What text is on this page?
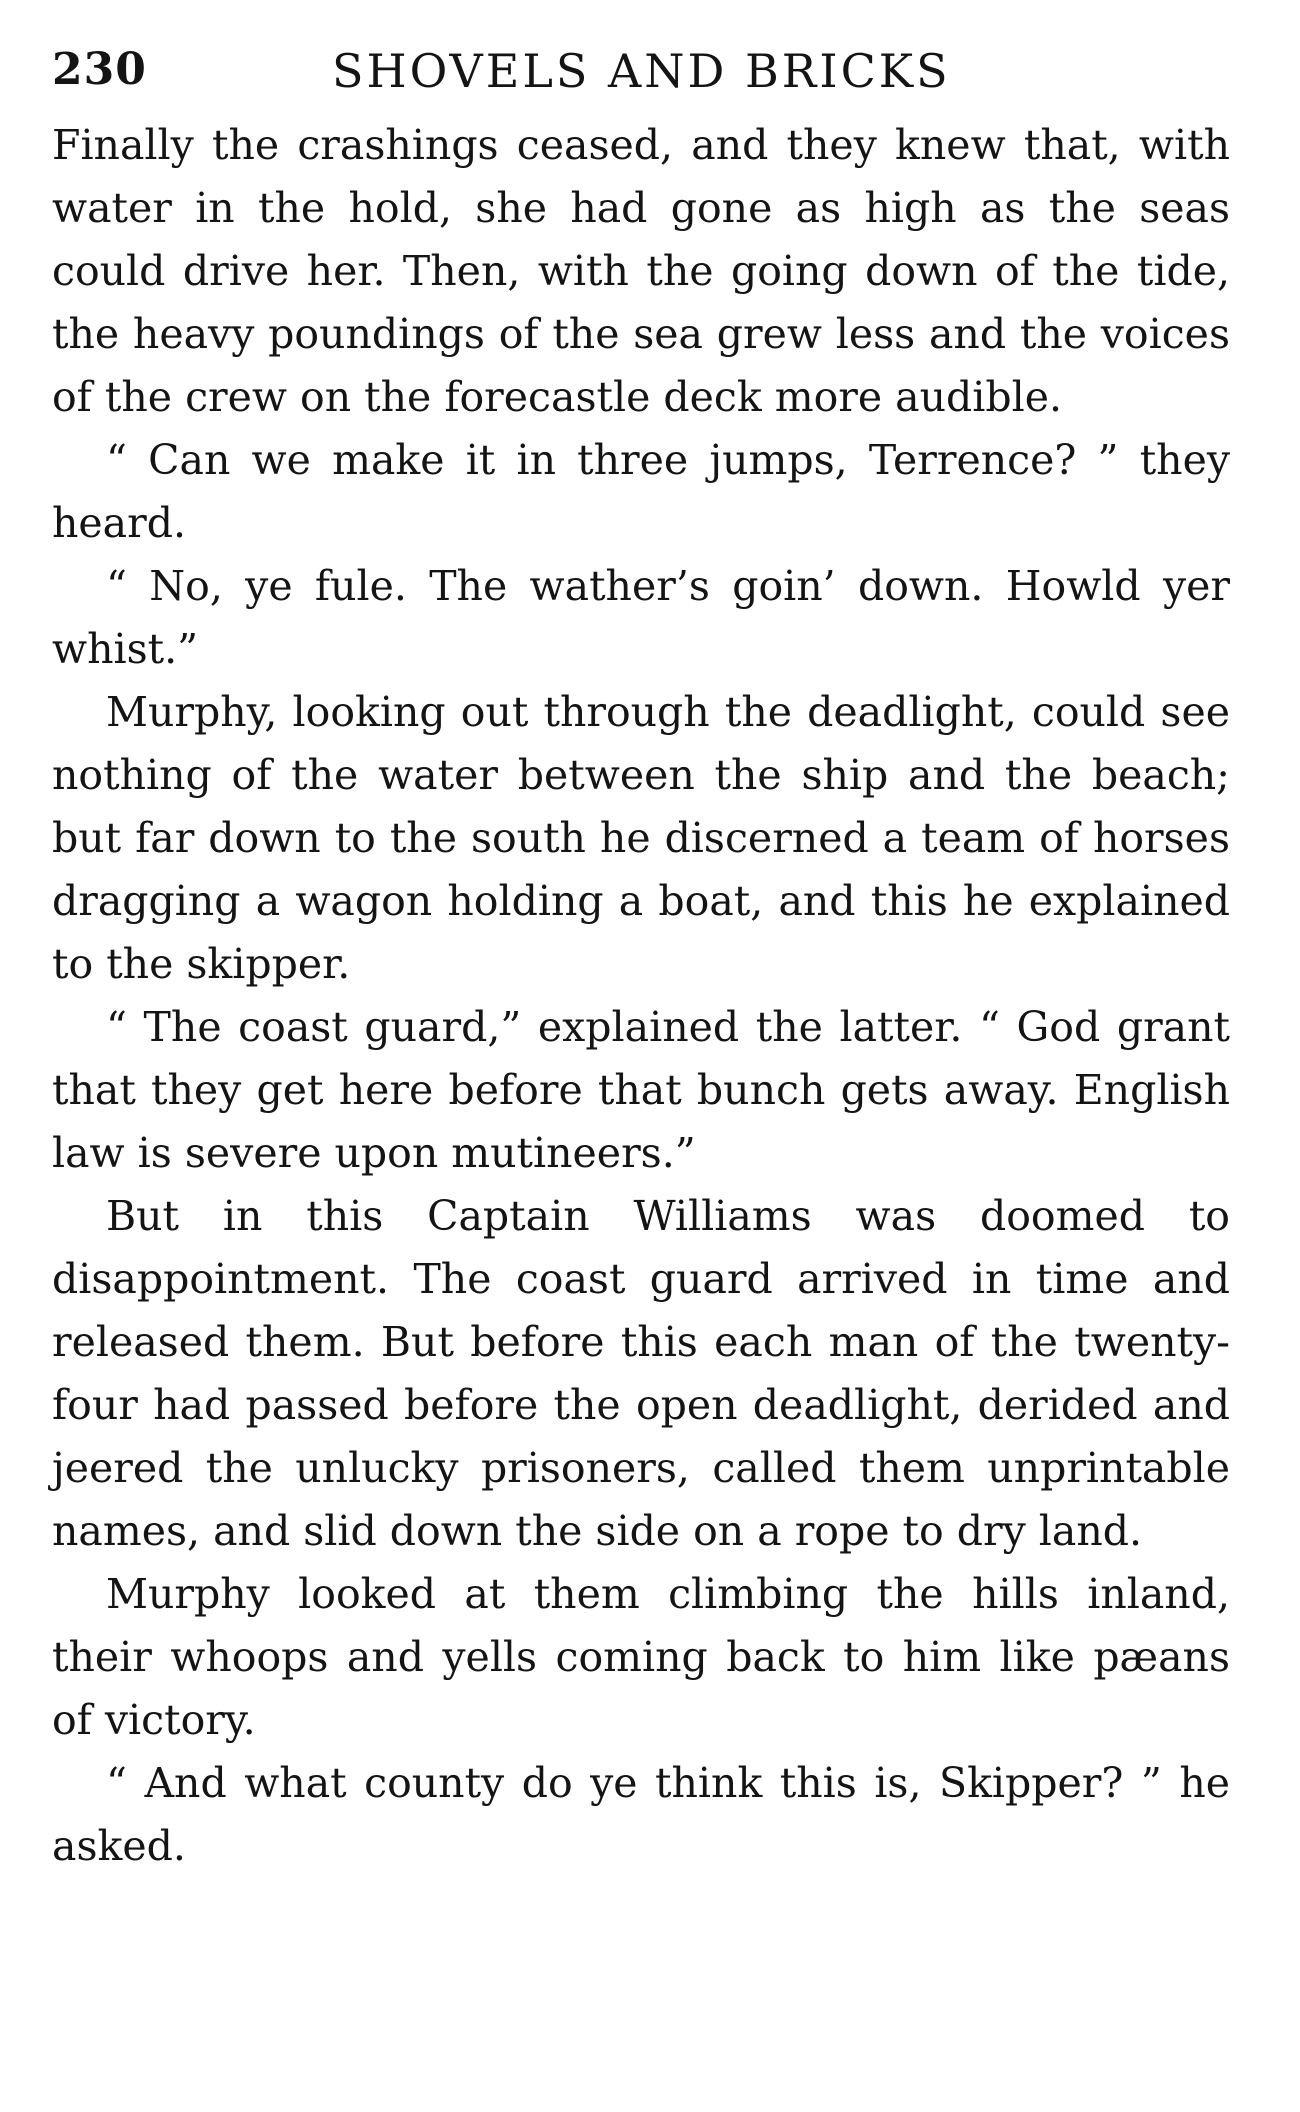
230	SHOVELS AND BRICKS

Finally the crashings ceased, and they knew that, with water in the hold, she had gone as high as the seas could drive her. Then, with the going down of the tide, the heavy poundings of the sea grew less and the voices of the crew on the forecastle deck more audible.

“ Can we make it in three jumps, Terrence? ” they heard.

“ No, ye fule. The wather’s goin’ down. Howld yer whist.”

Murphy, looking out through the deadlight, could see nothing of the water between the ship and the beach; but far down to the south he discerned a team of horses dragging a wagon holding a boat, and this he explained to the skipper.

“ The coast guard,” explained the latter. “ God grant that they get here before that bunch gets away. English law is severe upon mutineers.”

But in this Captain Williams was doomed to disappointment. The coast guard arrived in time and released them. But before this each man of the twenty-four had passed before the open deadlight, derided and jeered the unlucky prisoners, called them unprintable names, and slid down the side on a rope to dry land.

Murphy looked at them climbing the hills inland, their whoops and yells coming back to him like pæans of victory.

“ And what county do ye think this is, Skipper? ” he asked.
